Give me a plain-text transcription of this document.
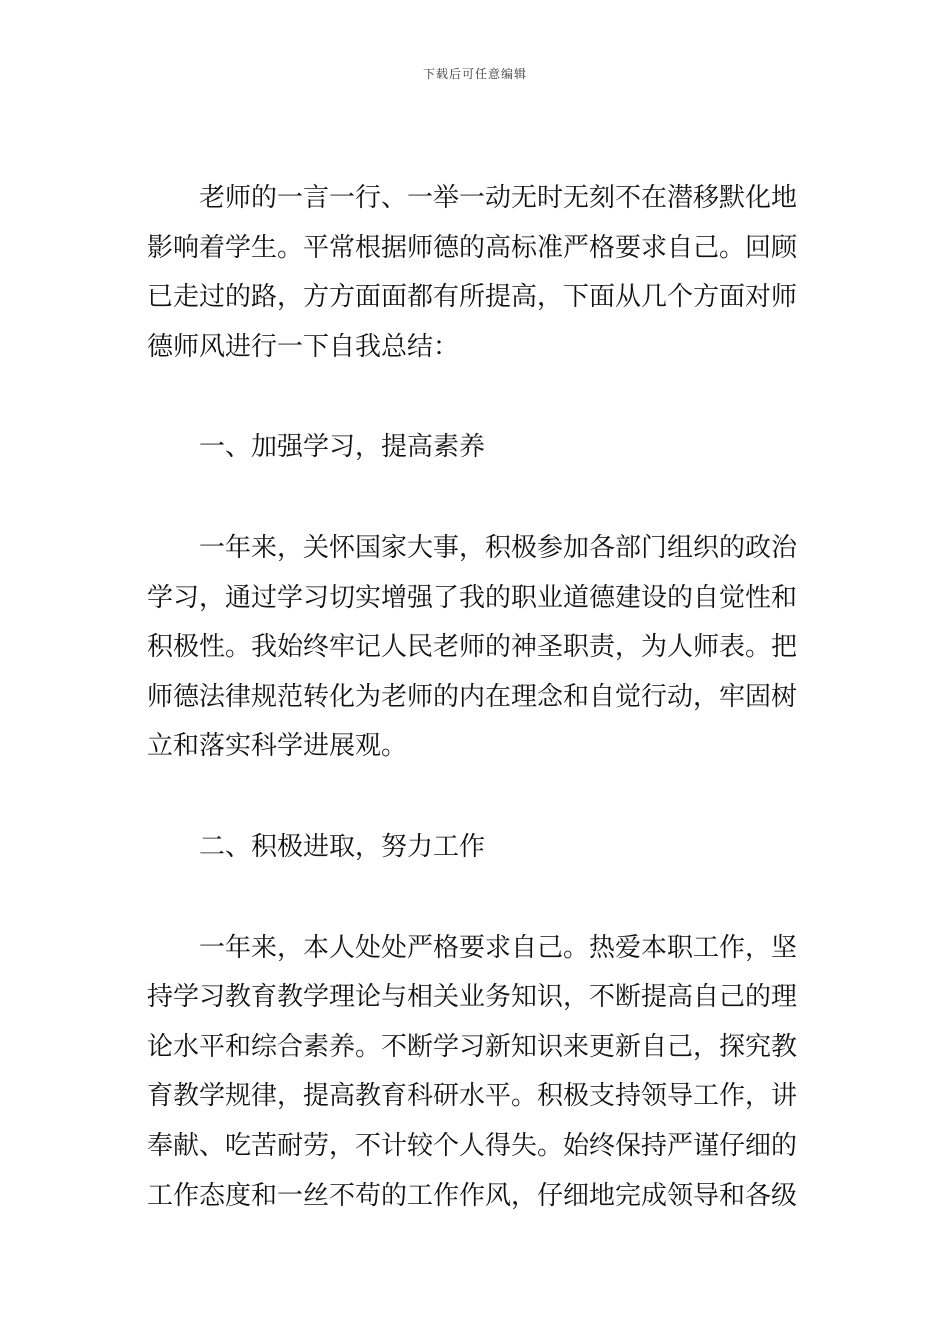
下载后可任意编辑
老师的一言一行、一举一动无时无刻不在潜移默化地
影响着学生。平常根据师德的高标准严格要求自己。回顾
已走过的路，方方面面都有所提高，下面从几个方面对师
德师风进行一下自我总结：
一、加强学习，提高素养
一年来，关怀国家大事，积极参加各部门组织的政治
学习，通过学习切实增强了我的职业道德建设的自觉性和
积极性。我始终牢记人民老师的神圣职责，为人师表。把
师德法律规范转化为老师的内在理念和自觉行动，牢固树
立和落实科学进展观。
二、积极进取，努力工作
一年来，本人处处严格要求自己。热爱本职工作，坚
持学习教育教学理论与相关业务知识，不断提高自己的理
论水平和综合素养。不断学习新知识来更新自己，探究教
育教学规律，提高教育科研水平。积极支持领导工作，讲
奉献、吃苦耐劳，不计较个人得失。始终保持严谨仔细的
工作态度和一丝不苟的工作作风，仔细地完成领导和各级
